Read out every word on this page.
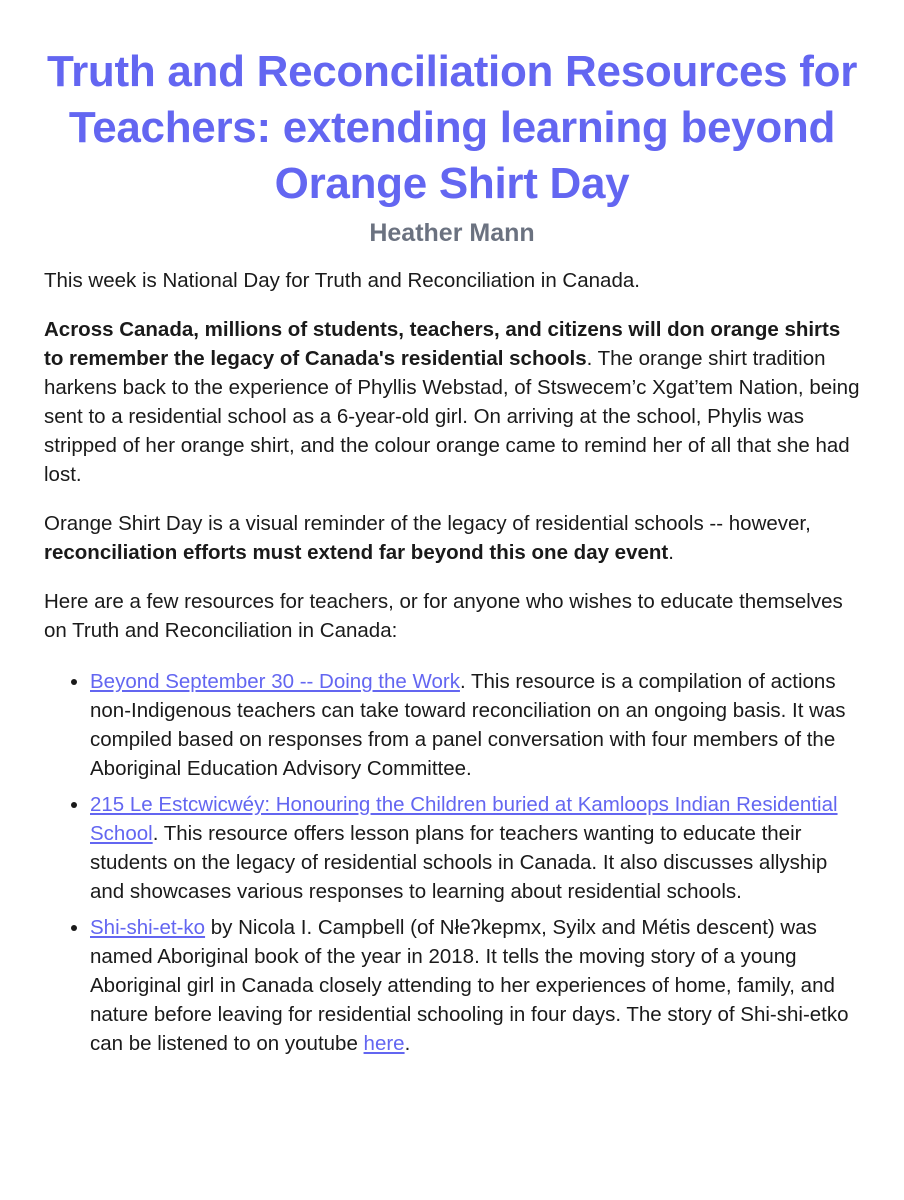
Truth and Reconciliation Resources for Teachers: extending learning beyond Orange Shirt Day
Heather Mann

This week is National Day for Truth and Reconciliation in Canada.

Across Canada, millions of students, teachers, and citizens will don orange shirts to remember the legacy of Canada's residential schools. The orange shirt tradition harkens back to the experience of Phyllis Webstad, of Stswecem’c Xgat’tem Nation, being sent to a residential school as a 6-year-old girl. On arriving at the school, Phylis was stripped of her orange shirt, and the colour orange came to remind her of all that she had lost.

Orange Shirt Day is a visual reminder of the legacy of residential schools -- however, reconciliation efforts must extend far beyond this one day event.

Here are a few resources for teachers, or for anyone who wishes to educate themselves on Truth and Reconciliation in Canada:

• Beyond September 30 -- Doing the Work. This resource is a compilation of actions non-Indigenous teachers can take toward reconciliation on an ongoing basis. It was compiled based on responses from a panel conversation with four members of the Aboriginal Education Advisory Committee.
• 215 Le Estcwicwéy: Honouring the Children buried at Kamloops Indian Residential School. This resource offers lesson plans for teachers wanting to educate their students on the legacy of residential schools in Canada. It also discusses allyship and showcases various responses to learning about residential schools.
• Shi-shi-et-ko by Nicola I. Campbell (of Nłeʔkepmx, Syilx and Métis descent) was named Aboriginal book of the year in 2018. It tells the moving story of a young Aboriginal girl in Canada closely attending to her experiences of home, family, and nature before leaving for residential schooling in four days. The story of Shi-shi-etko can be listened to on youtube here.
